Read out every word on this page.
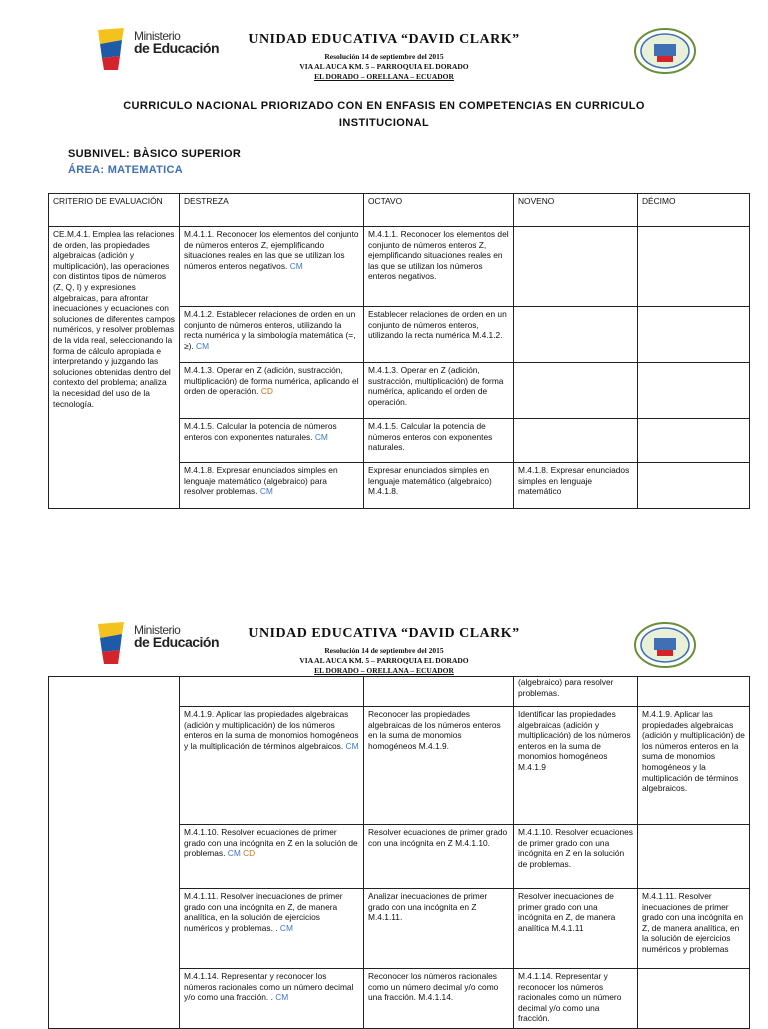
Ministerio
de Educación
UNIDAD EDUCATIVA “DAVID CLARK”
Resolución 14 de septiembre del 2015
VIA AL AUCA KM. 5 – PARROQUIA EL DORADO
EL DORADO – ORELLANA – ECUADOR
CURRICULO NACIONAL PRIORIZADO CON EN ENFASIS EN COMPETENCIAS EN CURRICULO INSTITUCIONAL
SUBNIVEL: BÀSICO SUPERIOR
ÁREA: MATEMATICA
CRITERIO DE EVALUACIÓN	DESTREZA	OCTAVO	NOVENO	DÉCIMO
CE.M.4.1. Emplea las relaciones de orden, las propiedades algebraicas (adición y multiplicación), las operaciones con distintos tipos de números (Z, Q, I) y expresiones algebraicas, para afrontar inecuaciones y ecuaciones con soluciones de diferentes campos numéricos, y resolver problemas de la vida real, seleccionando la forma de cálculo apropiada e interpretando y juzgando las soluciones obtenidas dentro del contexto del problema; analiza la necesidad del uso de la tecnología.	M.4.1.1. Reconocer los elementos del conjunto de números enteros Z, ejemplificando situaciones reales en las que se utilizan los números enteros negativos. CM	M.4.1.1. Reconocer los elementos del conjunto de números enteros Z, ejemplificando situaciones reales en las que se utilizan los números enteros negativos.		
	M.4.1.2. Establecer relaciones de orden en un conjunto de números enteros, utilizando la recta numérica y la simbología matemática (=, ≥). CM	Establecer relaciones de orden en un conjunto de números enteros, utilizando la recta numérica M.4.1.2.		
	M.4.1.3. Operar en Z (adición, sustracción, multiplicación) de forma numérica, aplicando el orden de operación. CD	M.4.1.3. Operar en Z (adición, sustracción, multiplicación) de forma numérica, aplicando el orden de operación.		
	M.4.1.5. Calcular la potencia de números enteros con exponentes naturales. CM	M.4.1.5. Calcular la potencia de números enteros con exponentes naturales.		
	M.4.1.8. Expresar enunciados simples en lenguaje matemático (algebraico) para resolver problemas. CM	Expresar enunciados simples en lenguaje matemático (algebraico) M.4.1.8.	M.4.1.8. Expresar enunciados simples en lenguaje matemático	
Ministerio
de Educación
UNIDAD EDUCATIVA “DAVID CLARK”
Resolución 14 de septiembre del 2015
VIA AL AUCA KM. 5 – PARROQUIA EL DORADO
EL DORADO – ORELLANA – ECUADOR
			(algebraico) para resolver problemas.	
	M.4.1.9. Aplicar las propiedades algebraicas (adición y multiplicación) de los números enteros en la suma de monomios homogéneos y la multiplicación de términos algebraicos. CM	Reconocer las propiedades algebraicas de los números enteros en la suma de monomios homogéneos M.4.1.9.	Identificar las propiedades algebraicas (adición y multiplicación) de los números enteros en la suma de monomios homogéneos M.4.1.9	M.4.1.9. Aplicar las propiedades algebraicas (adición y multiplicación) de los números enteros en la suma de monomios homogéneos y la multiplicación de términos algebraicos.
	M.4.1.10. Resolver ecuaciones de primer grado con una incógnita en Z en la solución de problemas. CM CD	Resolver ecuaciones de primer grado con una incógnita en Z M.4.1.10.	M.4.1.10. Resolver ecuaciones de primer grado con una incógnita en Z en la solución de problemas.	
	M.4.1.11. Resolver inecuaciones de primer grado con una incógnita en Z, de manera analítica, en la solución de ejercicios numéricos y problemas. . CM	Analizar inecuaciones de primer grado con una incógnita en Z M.4.1.11.	Resolver inecuaciones de primer grado con una incógnita en Z, de manera analítica M.4.1.11	M.4.1.11. Resolver inecuaciones de primer grado con una incógnita en Z, de manera analítica, en la solución de ejercicios numéricos y problemas
	M.4.1.14. Representar y reconocer los números racionales como un número decimal y/o como una fracción. . CM	Reconocer los números racionales como un número decimal y/o como una fracción. M.4.1.14.	M.4.1.14. Representar y reconocer los números racionales como un número decimal y/o como una fracción.	
